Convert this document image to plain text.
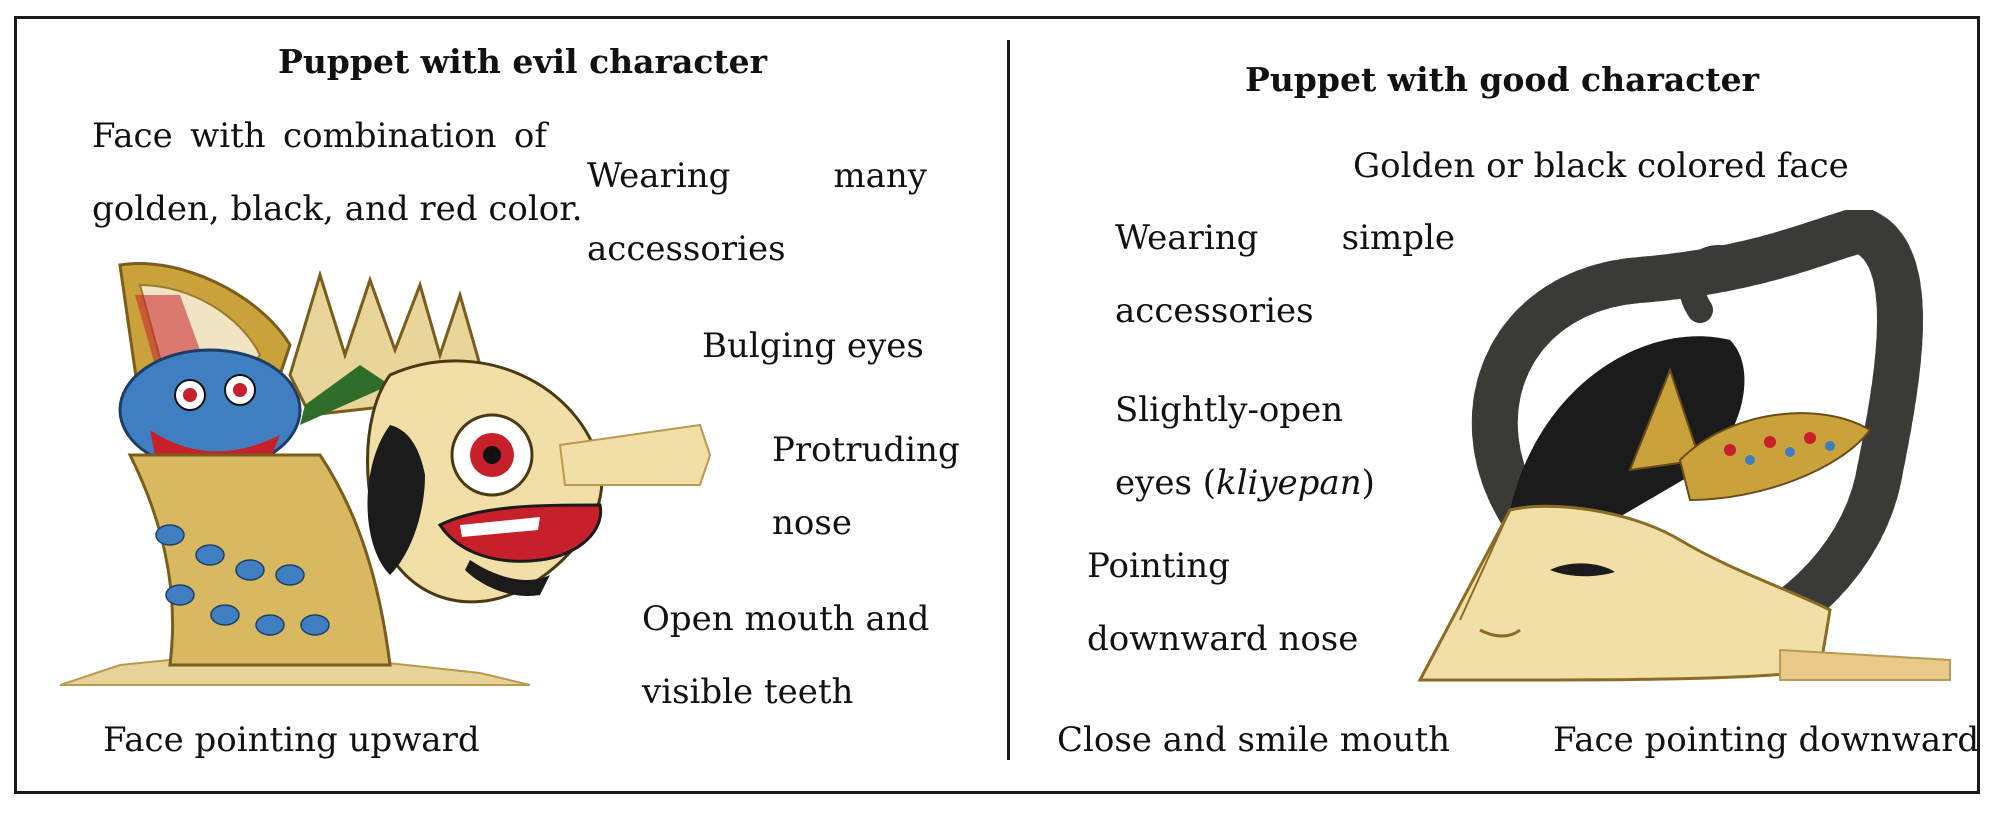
Puppet with evil character
Face with combination of
golden, black, and red color.
Wearing	many
accessories
Bulging eyes
Protruding
nose
Open mouth and
visible teeth
Face pointing upward
Puppet with good character
Golden or black colored face
Wearing simple
accessories
Slightly-open
eyes (kliyepan)
Pointing
downward nose
Close and smile mouth	Face pointing downward
